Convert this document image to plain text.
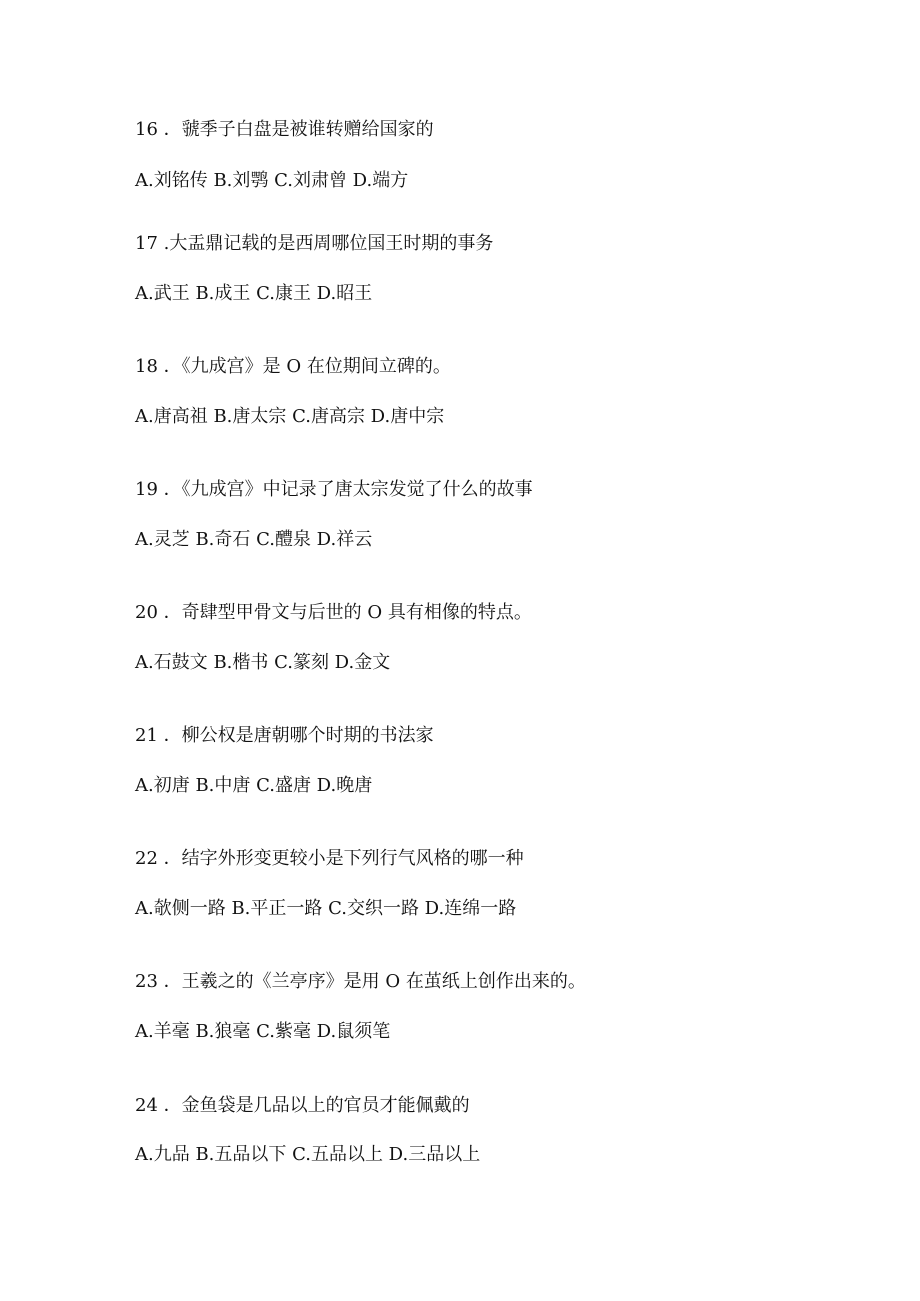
16 ．虢季子白盘是被谁转赠给国家的
A.刘铭传 B.刘鹗 C.刘肃曾 D.端方
17 .大盂鼎记载的是西周哪位国王时期的事务
A.武王 B.成王 C.康王 D.昭王
18 ．《九成宫》是 O 在位期间立碑的。
A.唐高祖 B.唐太宗 C.唐高宗 D.唐中宗
19 ．《九成宫》中记录了唐太宗发觉了什么的故事
A.灵芝 B.奇石 C.醴泉 D.祥云
20 ．奇肆型甲骨文与后世的 O 具有相像的特点。
A.石鼓文 B.楷书 C.篆刻 D.金文
21 ．柳公权是唐朝哪个时期的书法家
A.初唐 B.中唐 C.盛唐 D.晚唐
22 ．结字外形变更较小是下列行气风格的哪一种
A.欹侧一路 B.平正一路 C.交织一路 D.连绵一路
23 ．王羲之的《兰亭序》是用 O 在茧纸上创作出来的。
A.羊毫 B.狼毫 C.紫毫 D.鼠须笔
24 ．金鱼袋是几品以上的官员才能佩戴的
A.九品 B.五品以下 C.五品以上 D.三品以上
